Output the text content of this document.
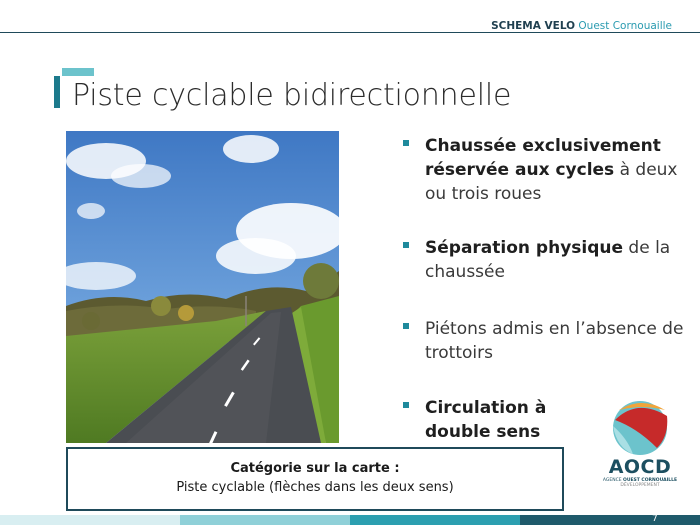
SCHEMA VELO Ouest Cornouaille
Piste cyclable bidirectionnelle
Chaussée exclusivement réservée aux cycles à deux ou trois roues
Séparation physique de la chaussée
Piétons admis en l’absence de trottoirs
Circulation à double sens
Catégorie sur la carte :
Piste cyclable (flèches dans les deux sens)
AOCD
AGENCE OUEST CORNOUAILLE
DÉVELOPPEMENT
7
